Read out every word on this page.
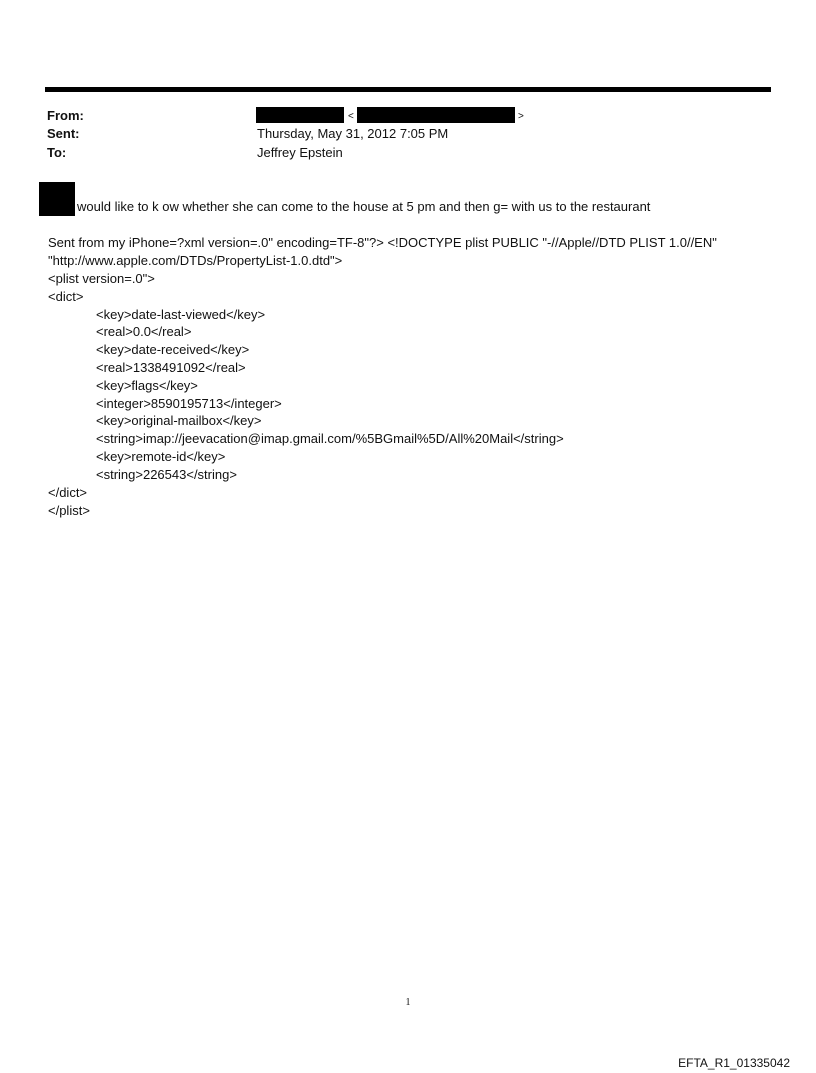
From:
Sent:
To:
<	>
Thursday, May 31, 2012 7:05 PM
Jeffrey Epstein
would like to k ow whether she can come to the house at 5 pm and then g= with us to the restaurant
Sent from my iPhone=?xml version=.0" encoding=TF-8"?> <!DOCTYPE plist PUBLIC "-//Apple//DTD PLIST 1.0//EN"
"http://www.apple.com/DTDs/PropertyList-1.0.dtd">
<plist version=.0">
<dict>
<key>date-last-viewed</key>
<real>0.0</real>
<key>date-received</key>
<real>1338491092</real>
<key>flags</key>
<integer>8590195713</integer>
<key>original-mailbox</key>
<string>imap://jeevacation@imap.gmail.com/%5BGmail%5D/All%20Mail</string>
<key>remote-id</key>
<string>226543</string>
</dict>
</plist>
1
EFTA_R1_01335042
